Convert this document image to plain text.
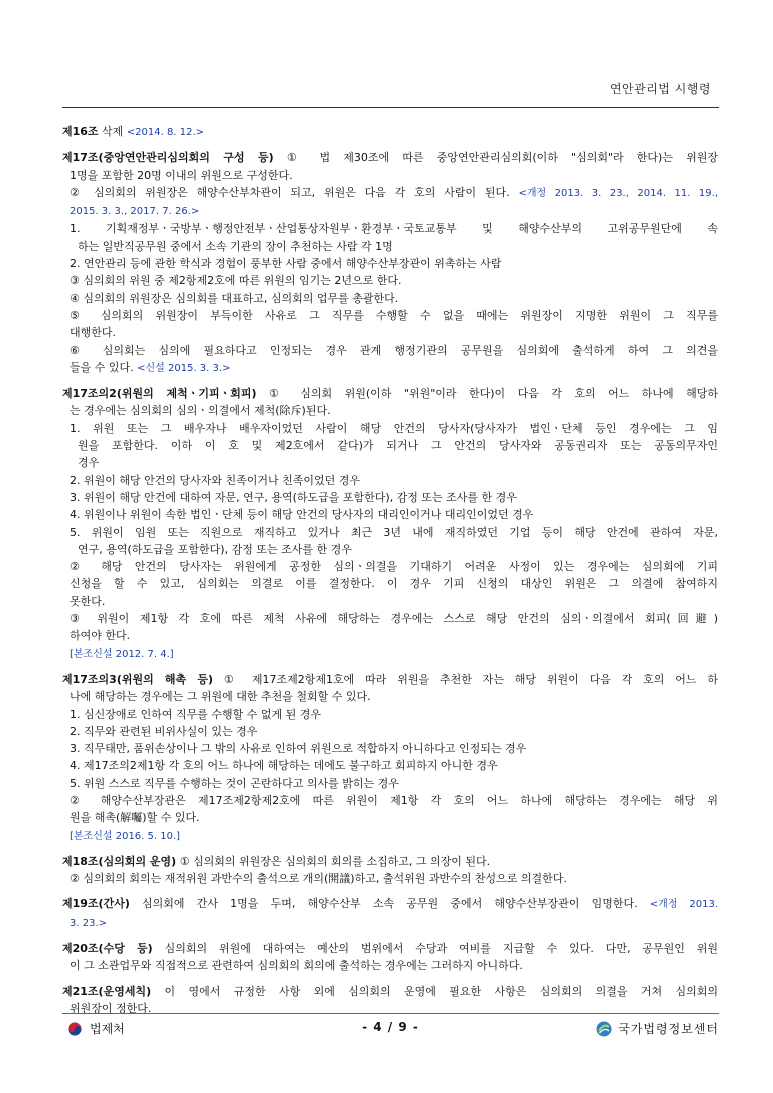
연안관리법 시행령
제16조 삭제 <2014. 8. 12.>
제17조(중앙연안관리심의회의 구성 등) ① 법 제30조에 따른 중앙연안관리심의회(이하 "심의회"라 한다)는 위원장
1명을 포함한 20명 이내의 위원으로 구성한다.
② 심의회의 위원장은 해양수산부차관이 되고, 위원은 다음 각 호의 사람이 된다. <개정 2013. 3. 23., 2014. 11. 19.,
2015. 3. 3., 2017. 7. 26.>
1. 기획재정부ㆍ국방부ㆍ행정안전부ㆍ산업통상자원부ㆍ환경부ㆍ국토교통부 및 해양수산부의 고위공무원단에 속
하는 일반직공무원 중에서 소속 기관의 장이 추천하는 사람 각 1명
2. 연안관리 등에 관한 학식과 경험이 풍부한 사람 중에서 해양수산부장관이 위촉하는 사람
③ 심의회의 위원 중 제2항제2호에 따른 위원의 임기는 2년으로 한다.
④ 심의회의 위원장은 심의회를 대표하고, 심의회의 업무를 총괄한다.
⑤ 심의회의 위원장이 부득이한 사유로 그 직무를 수행할 수 없을 때에는 위원장이 지명한 위원이 그 직무를
대행한다.
⑥ 심의회는 심의에 필요하다고 인정되는 경우 관계 행정기관의 공무원을 심의회에 출석하게 하여 그 의견을
들을 수 있다. <신설 2015. 3. 3.>
제17조의2(위원의 제척ㆍ기피ㆍ회피) ① 심의회 위원(이하 "위원"이라 한다)이 다음 각 호의 어느 하나에 해당하
는 경우에는 심의회의 심의ㆍ의결에서 제척(除斥)된다.
1. 위원 또는 그 배우자나 배우자이었던 사람이 해당 안건의 당사자(당사자가 법인ㆍ단체 등인 경우에는 그 임
원을 포함한다. 이하 이 호 및 제2호에서 같다)가 되거나 그 안건의 당사자와 공동권리자 또는 공동의무자인
경우
2. 위원이 해당 안건의 당사자와 친족이거나 친족이었던 경우
3. 위원이 해당 안건에 대하여 자문, 연구, 용역(하도급을 포함한다), 감정 또는 조사를 한 경우
4. 위원이나 위원이 속한 법인ㆍ단체 등이 해당 안건의 당사자의 대리인이거나 대리인이었던 경우
5. 위원이 임원 또는 직원으로 재직하고 있거나 최근 3년 내에 재직하였던 기업 등이 해당 안건에 관하여 자문,
연구, 용역(하도급을 포함한다), 감정 또는 조사를 한 경우
② 해당 안건의 당사자는 위원에게 공정한 심의ㆍ의결을 기대하기 어려운 사정이 있는 경우에는 심의회에 기피
신청을 할 수 있고, 심의회는 의결로 이를 결정한다. 이 경우 기피 신청의 대상인 위원은 그 의결에 참여하지
못한다.
③ 위원이 제1항 각 호에 따른 제척 사유에 해당하는 경우에는 스스로 해당 안건의 심의ㆍ의결에서 회피(回避)
하여야 한다.
[본조신설 2012. 7. 4.]
제17조의3(위원의 해촉 등) ① 제17조제2항제1호에 따라 위원을 추천한 자는 해당 위원이 다음 각 호의 어느 하
나에 해당하는 경우에는 그 위원에 대한 추천을 철회할 수 있다.
1. 심신장애로 인하여 직무를 수행할 수 없게 된 경우
2. 직무와 관련된 비위사실이 있는 경우
3. 직무태만, 품위손상이나 그 밖의 사유로 인하여 위원으로 적합하지 아니하다고 인정되는 경우
4. 제17조의2제1항 각 호의 어느 하나에 해당하는 데에도 불구하고 회피하지 아니한 경우
5. 위원 스스로 직무를 수행하는 것이 곤란하다고 의사를 밝히는 경우
② 해양수산부장관은 제17조제2항제2호에 따른 위원이 제1항 각 호의 어느 하나에 해당하는 경우에는 해당 위
원을 해촉(解囑)할 수 있다.
[본조신설 2016. 5. 10.]
제18조(심의회의 운영) ① 심의회의 위원장은 심의회의 회의를 소집하고, 그 의장이 된다.
② 심의회의 회의는 재적위원 과반수의 출석으로 개의(開議)하고, 출석위원 과반수의 찬성으로 의결한다.
제19조(간사) 심의회에 간사 1명을 두며, 해양수산부 소속 공무원 중에서 해양수산부장관이 임명한다. <개정 2013.
3. 23.>
제20조(수당 등) 심의회의 위원에 대하여는 예산의 범위에서 수당과 여비를 지급할 수 있다. 다만, 공무원인 위원
이 그 소관업무와 직접적으로 관련하여 심의회의 회의에 출석하는 경우에는 그러하지 아니하다.
제21조(운영세칙) 이 영에서 규정한 사항 외에 심의회의 운영에 필요한 사항은 심의회의 의결을 거쳐 심의회의
위원장이 정한다.
법제처	- 4 / 9 -	국가법령정보센터
